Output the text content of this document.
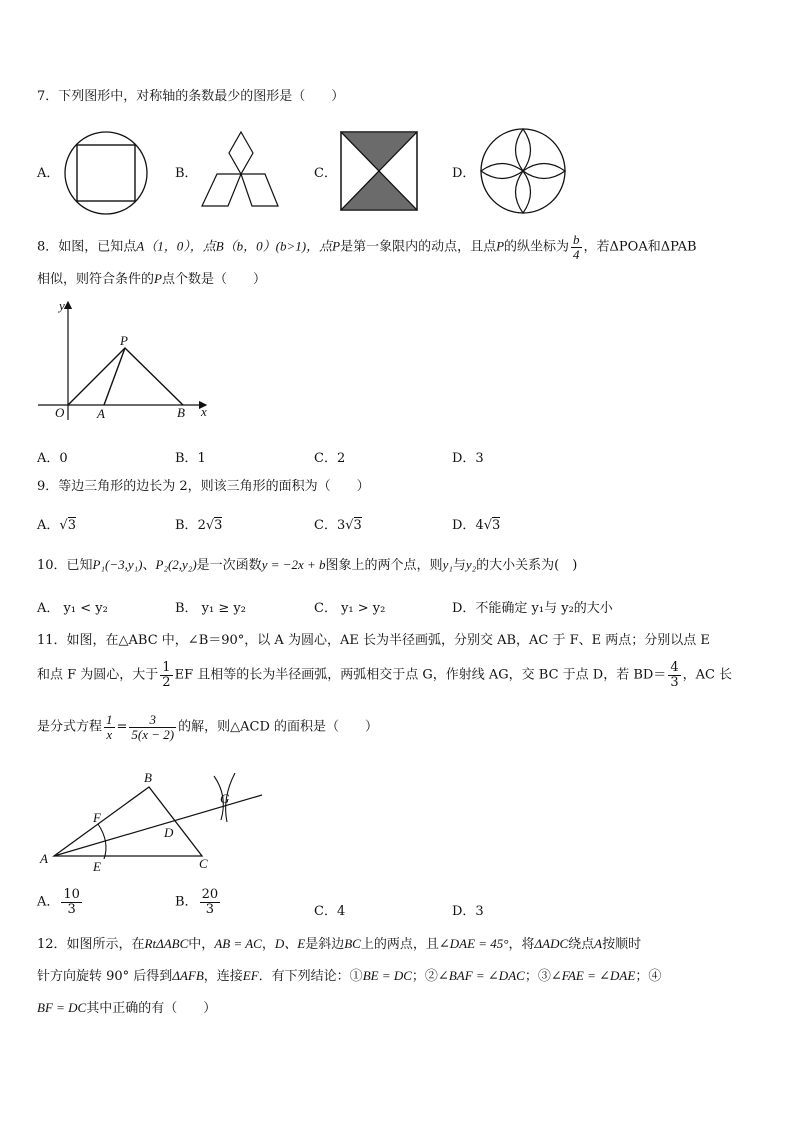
7．下列图形中，对称轴的条数最少的图形是（　　）
A．	B．	C．	D．
8．如图，已知点A（1，0），点B（b，0）(b>1)，点P是第一象限内的动点，且点P的纵坐标为 $\frac{b}{4}$ ，若ΔPOA和ΔPAB
相似，则符合条件的P点个数是（　　）
y
x
O	A	B
P
A．0	B．1	C．2	D．3
9．等边三角形的边长为 2，则该三角形的面积为（　　）
A．√3	B．2√3	C．3√3	D．4√3
10．已知P₁(−3,y₁)、P₂(2,y₂)是一次函数y = −2x + b图象上的两个点，则y₁与y₂的大小关系为(　)
A． y₁ < y₂	B． y₁ ≥ y₂	C． y₁ > y₂	D．不能确定 y₁与 y₂的大小
11．如图，在△ABC 中，∠B＝90°，以 A 为圆心，AE 长为半径画弧，分别交 AB，AC 于 F、E 两点；分别以点 E
和点 F 为圆心，大于 $\frac{1}{2}$ EF 且相等的长为半径画弧，两弧相交于点 G，作射线 AG，交 BC 于点 D，若 $BD= \frac{4}{3}$ ，AC 长
是分式方程 $\frac{1}{x} = \frac{3}{5(x - 2)}$ 的解，则△ACD 的面积是（　　）
A
B
C
D
E
F
G
A． $\frac{10}{3}$	B． $\frac{20}{3}$	C．4	D．3
12．如图所示，在RtΔABC中，AB = AC，D、E是斜边BC上的两点，且∠DAE = 45°，将ΔADC绕点A按顺时
针方向旋转 90° 后得到ΔAFB，连接EF．有下列结论：①BE = DC；②∠BAF = ∠DAC；③∠FAE = ∠DAE；④
BF = DC其中正确的有（　　）
